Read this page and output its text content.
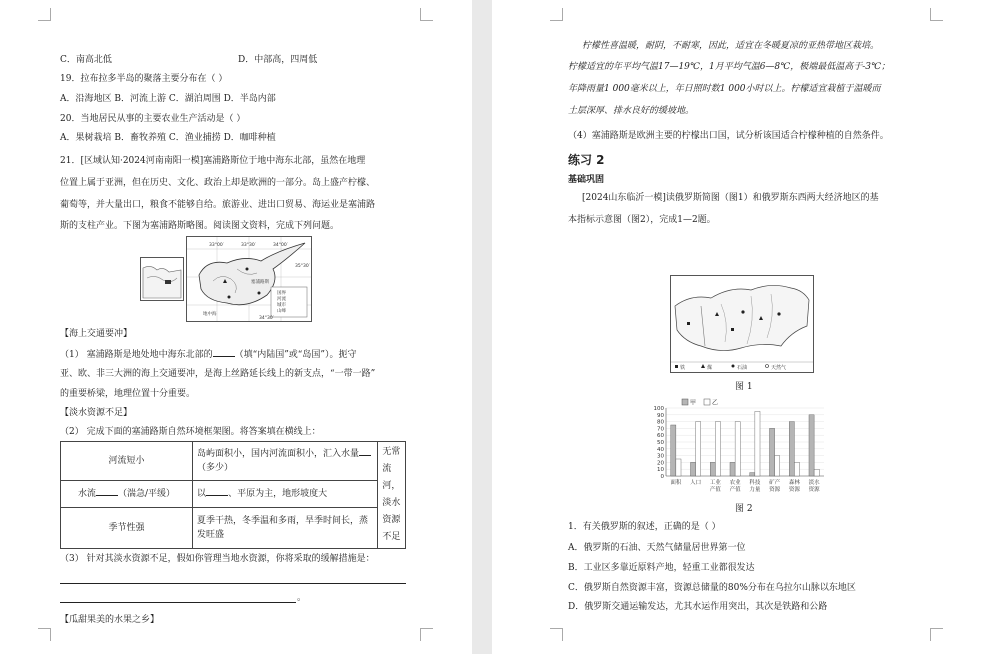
C．南高北低	D．中部高，四周低
19．拉布拉多半岛的聚落主要分布在（ ）
A．沿海地区 B．河流上游 C．湖泊周围 D．半岛内部
20．当地居民从事的主要农业生产活动是（ ）
A．果树栽培 B．畜牧养殖 C．渔业捕捞 D．咖啡种植
21．[区域认知·2024河南南阳一模]塞浦路斯位于地中海东北部，虽然在地理
位置上属于亚洲，但在历史、文化、政治上却是欧洲的一部分。岛上盛产柠檬、
葡萄等，并大量出口，粮食不能够自给。旅游业、进出口贸易、海运业是塞浦路
斯的支柱产业。下图为塞浦路斯略图。阅读图文资料，完成下列问题。
33°00′	33°30′	34°00′
35°30′
34°30′
地中海
塞浦路斯
国界
河流
城市
山峰
【海上交通要冲】
（1） 塞浦路斯是地处地中海东北部的 （填“内陆国”或“岛国”）。扼守
亚、欧、非三大洲的海上交通要冲，是海上丝路延长线上的新支点，“一带一路”
的重要桥梁，地理位置十分重要。
【淡水资源不足】
（2） 完成下面的塞浦路斯自然环境框架图。将答案填在横线上：
河流短小	岛屿面积小，国内河流面积小，汇入水量（多少）	无常流河，淡水资源不足
水流 （湍急/平缓）	以 、平原为主，地形坡度大	
季节性强	夏季干热，冬季温和多雨，旱季时间长，蒸发旺盛	
（3） 针对其淡水资源不足，假如你管理当地水资源，你将采取的缓解措施是：
。
【瓜甜果美的水果之乡】
柠檬性喜温暖，耐阴，不耐寒，因此，适宜在冬暖夏凉的亚热带地区栽培。
柠檬适宜的年平均气温17—19℃，1月平均气温6—8℃，极端最低温高于-3℃；
年降雨量1 000毫米以上，年日照时数1 000小时以上。柠檬适宜栽植于温暖而
土层深厚、排水良好的缓坡地。
（4）塞浦路斯是欧洲主要的柠檬出口国，试分析该国适合柠檬种植的自然条件。
练习 2
基础巩固
[2024山东临沂一模]读俄罗斯简图（图1）和俄罗斯东西两大经济地区的基
本指标示意图（图2），完成1—2题。
铁	煤	石油	天然气
图 1
0
10
20
30
40
50
60
70
80
90
100
面积 人口 工业产值
农业产值
科技力量
矿产资源
森林资源
淡水资源
甲	乙
图 2
1．有关俄罗斯的叙述，正确的是（ ）
A．俄罗斯的石油、天然气储量居世界第一位
B．工业区多靠近原料产地，轻重工业都很发达
C．俄罗斯自然资源丰富，资源总储量的80%分布在乌拉尔山脉以东地区
D．俄罗斯交通运输发达，尤其水运作用突出，其次是铁路和公路
